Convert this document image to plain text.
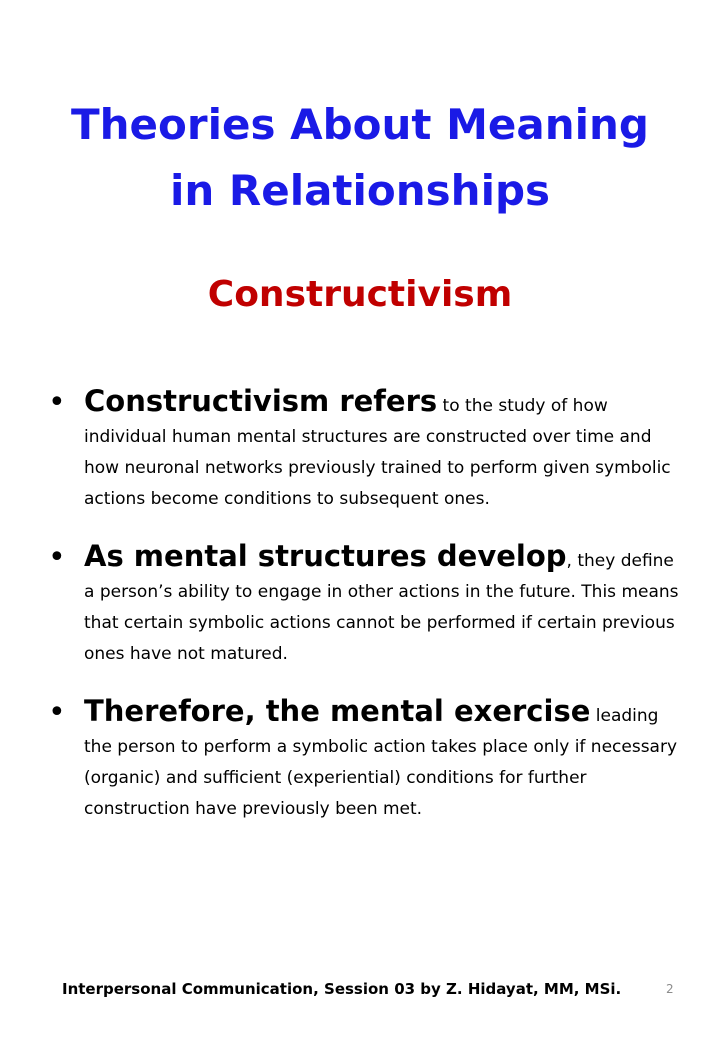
Theories About Meaning
in Relationships
Constructivism
• Constructivism refers to the study of how individual human mental structures are constructed over time and how neuronal networks previously trained to perform given symbolic actions become conditions to subsequent ones.
• As mental structures develop, they define a person’s ability to engage in other actions in the future. This means that certain symbolic actions cannot be performed if certain previous ones have not matured.
• Therefore, the mental exercise leading the person to perform a symbolic action takes place only if necessary (organic) and sufficient (experiential) conditions for further construction have previously been met.
Interpersonal Communication, Session 03 by Z. Hidayat, MM, MSi.	2
